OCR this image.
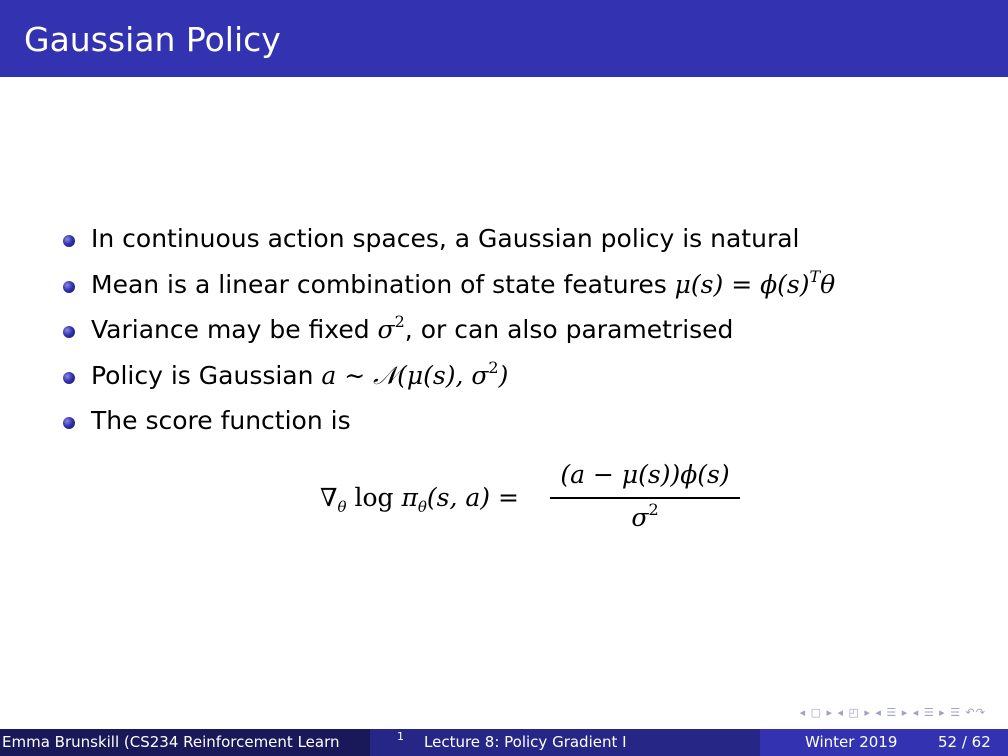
Gaussian Policy
In continuous action spaces, a Gaussian policy is natural
Mean is a linear combination of state features $\mu(s) = \phi(s)^T\theta$
Variance may be fixed $\sigma^2$, or can also parametrised
Policy is Gaussian a ∼ 𝒩(μ(s), $\sigma^2$)
The score function is
$\nabla_\theta$ $\log \pi_\theta(s$, a) =
(a − μ(s))ϕ(s)
$\sigma^2$
◂ ▢ ▸ ◂ ◰ ▸ ◂ ☰ ▸ ◂ ☰ ▸ ☰ ↶↷
Emma Brunskill (CS234 Reinforcement Learn	Lecture 8: Policy Gradient I
$^1$	Winter 2019	52 / 62
